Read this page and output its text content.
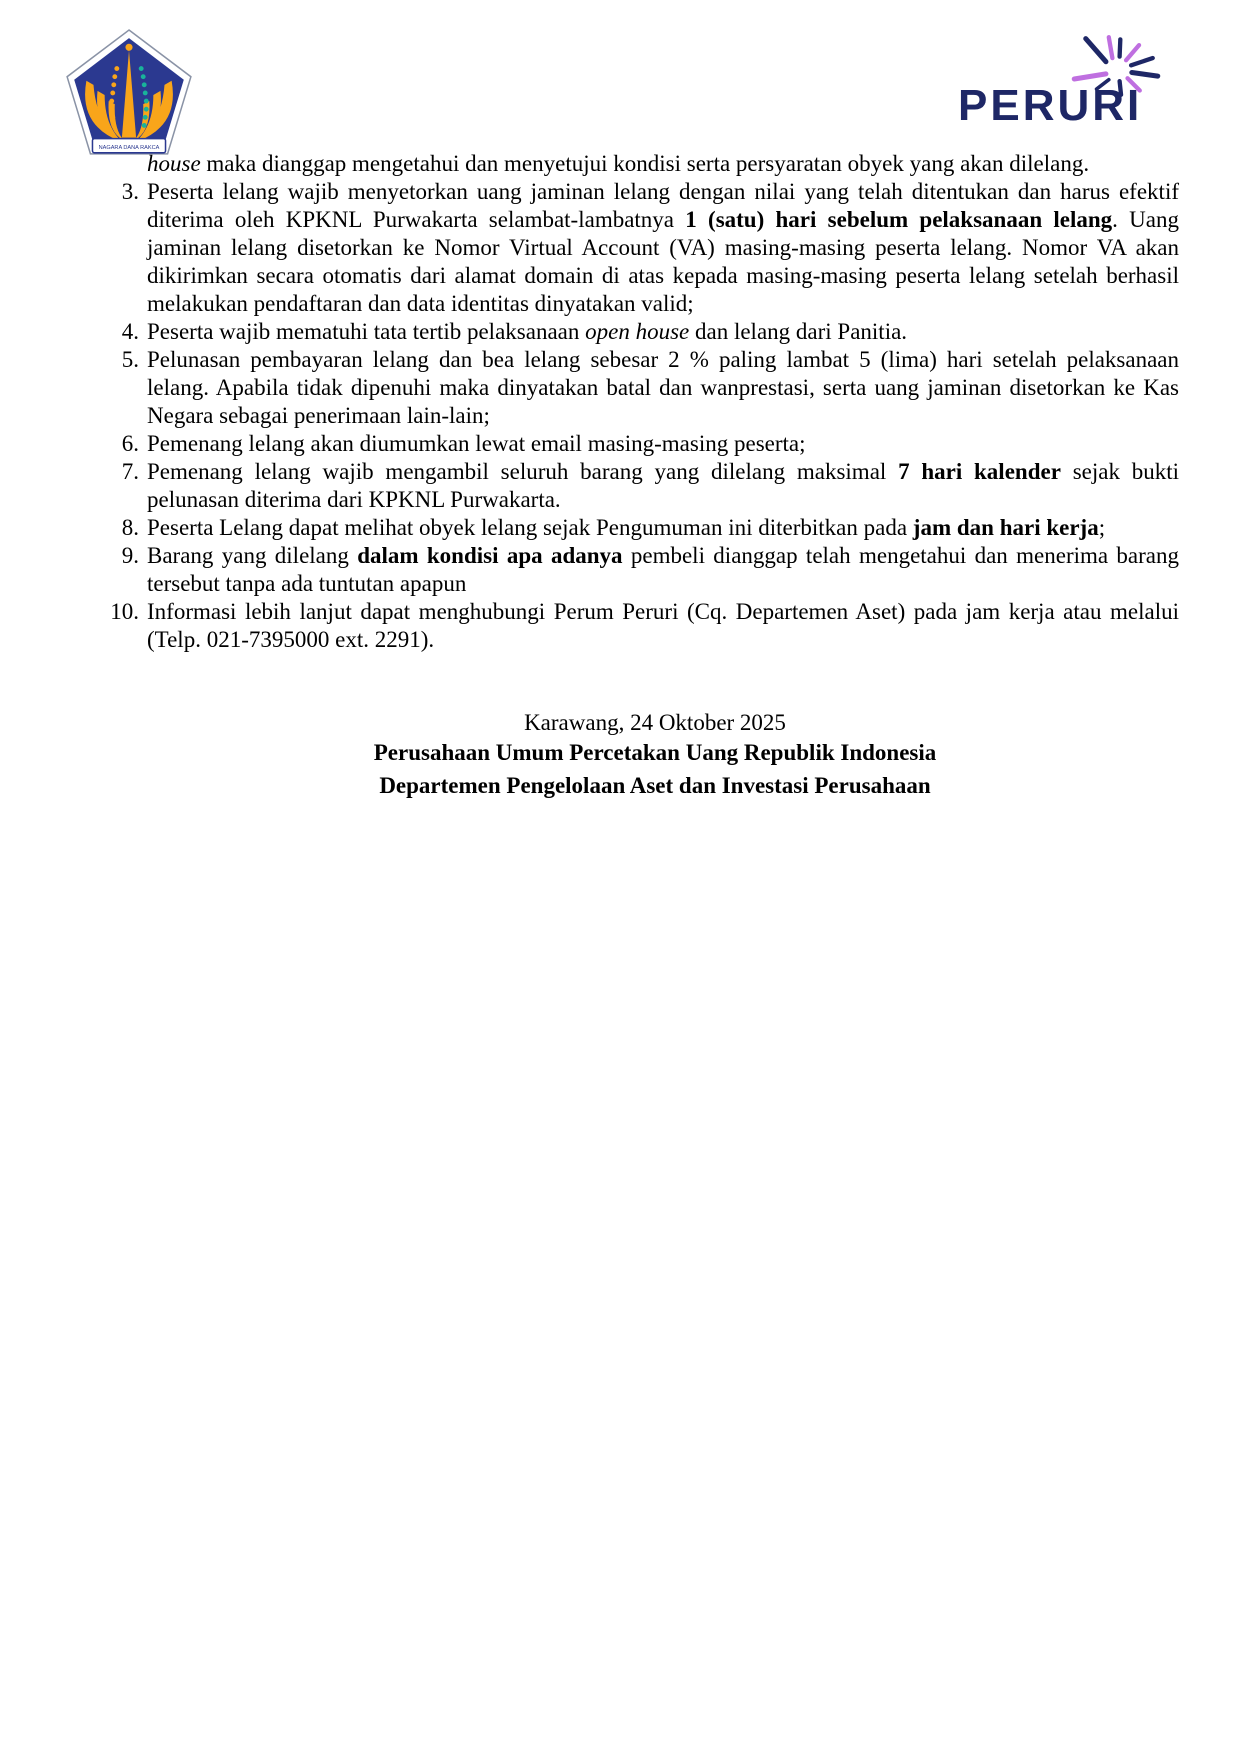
NAGARA DANA RAKCA
PERURI
house maka dianggap mengetahui dan menyetujui kondisi serta persyaratan obyek yang akan dilelang.
3. Peserta lelang wajib menyetorkan uang jaminan lelang dengan nilai yang telah ditentukan dan harus efektif diterima oleh KPKNL Purwakarta selambat-lambatnya 1 (satu) hari sebelum pelaksanaan lelang. Uang jaminan lelang disetorkan ke Nomor Virtual Account (VA) masing-masing peserta lelang. Nomor VA akan dikirimkan secara otomatis dari alamat domain di atas kepada masing-masing peserta lelang setelah berhasil melakukan pendaftaran dan data identitas dinyatakan valid;
4. Peserta wajib mematuhi tata tertib pelaksanaan open house dan lelang dari Panitia.
5. Pelunasan pembayaran lelang dan bea lelang sebesar 2 % paling lambat 5 (lima) hari setelah pelaksanaan lelang. Apabila tidak dipenuhi maka dinyatakan batal dan wanprestasi, serta uang jaminan disetorkan ke Kas Negara sebagai penerimaan lain-lain;
6. Pemenang lelang akan diumumkan lewat email masing-masing peserta;
7. Pemenang lelang wajib mengambil seluruh barang yang dilelang maksimal 7 hari kalender sejak bukti pelunasan diterima dari KPKNL Purwakarta.
8. Peserta Lelang dapat melihat obyek lelang sejak Pengumuman ini diterbitkan pada jam dan hari kerja;
9. Barang yang dilelang dalam kondisi apa adanya pembeli dianggap telah mengetahui dan menerima barang tersebut tanpa ada tuntutan apapun
10. Informasi lebih lanjut dapat menghubungi Perum Peruri (Cq. Departemen Aset) pada jam kerja atau melalui (Telp. 021-7395000 ext. 2291).
Karawang, 24 Oktober 2025
Perusahaan Umum Percetakan Uang Republik Indonesia
Departemen Pengelolaan Aset dan Investasi Perusahaan
